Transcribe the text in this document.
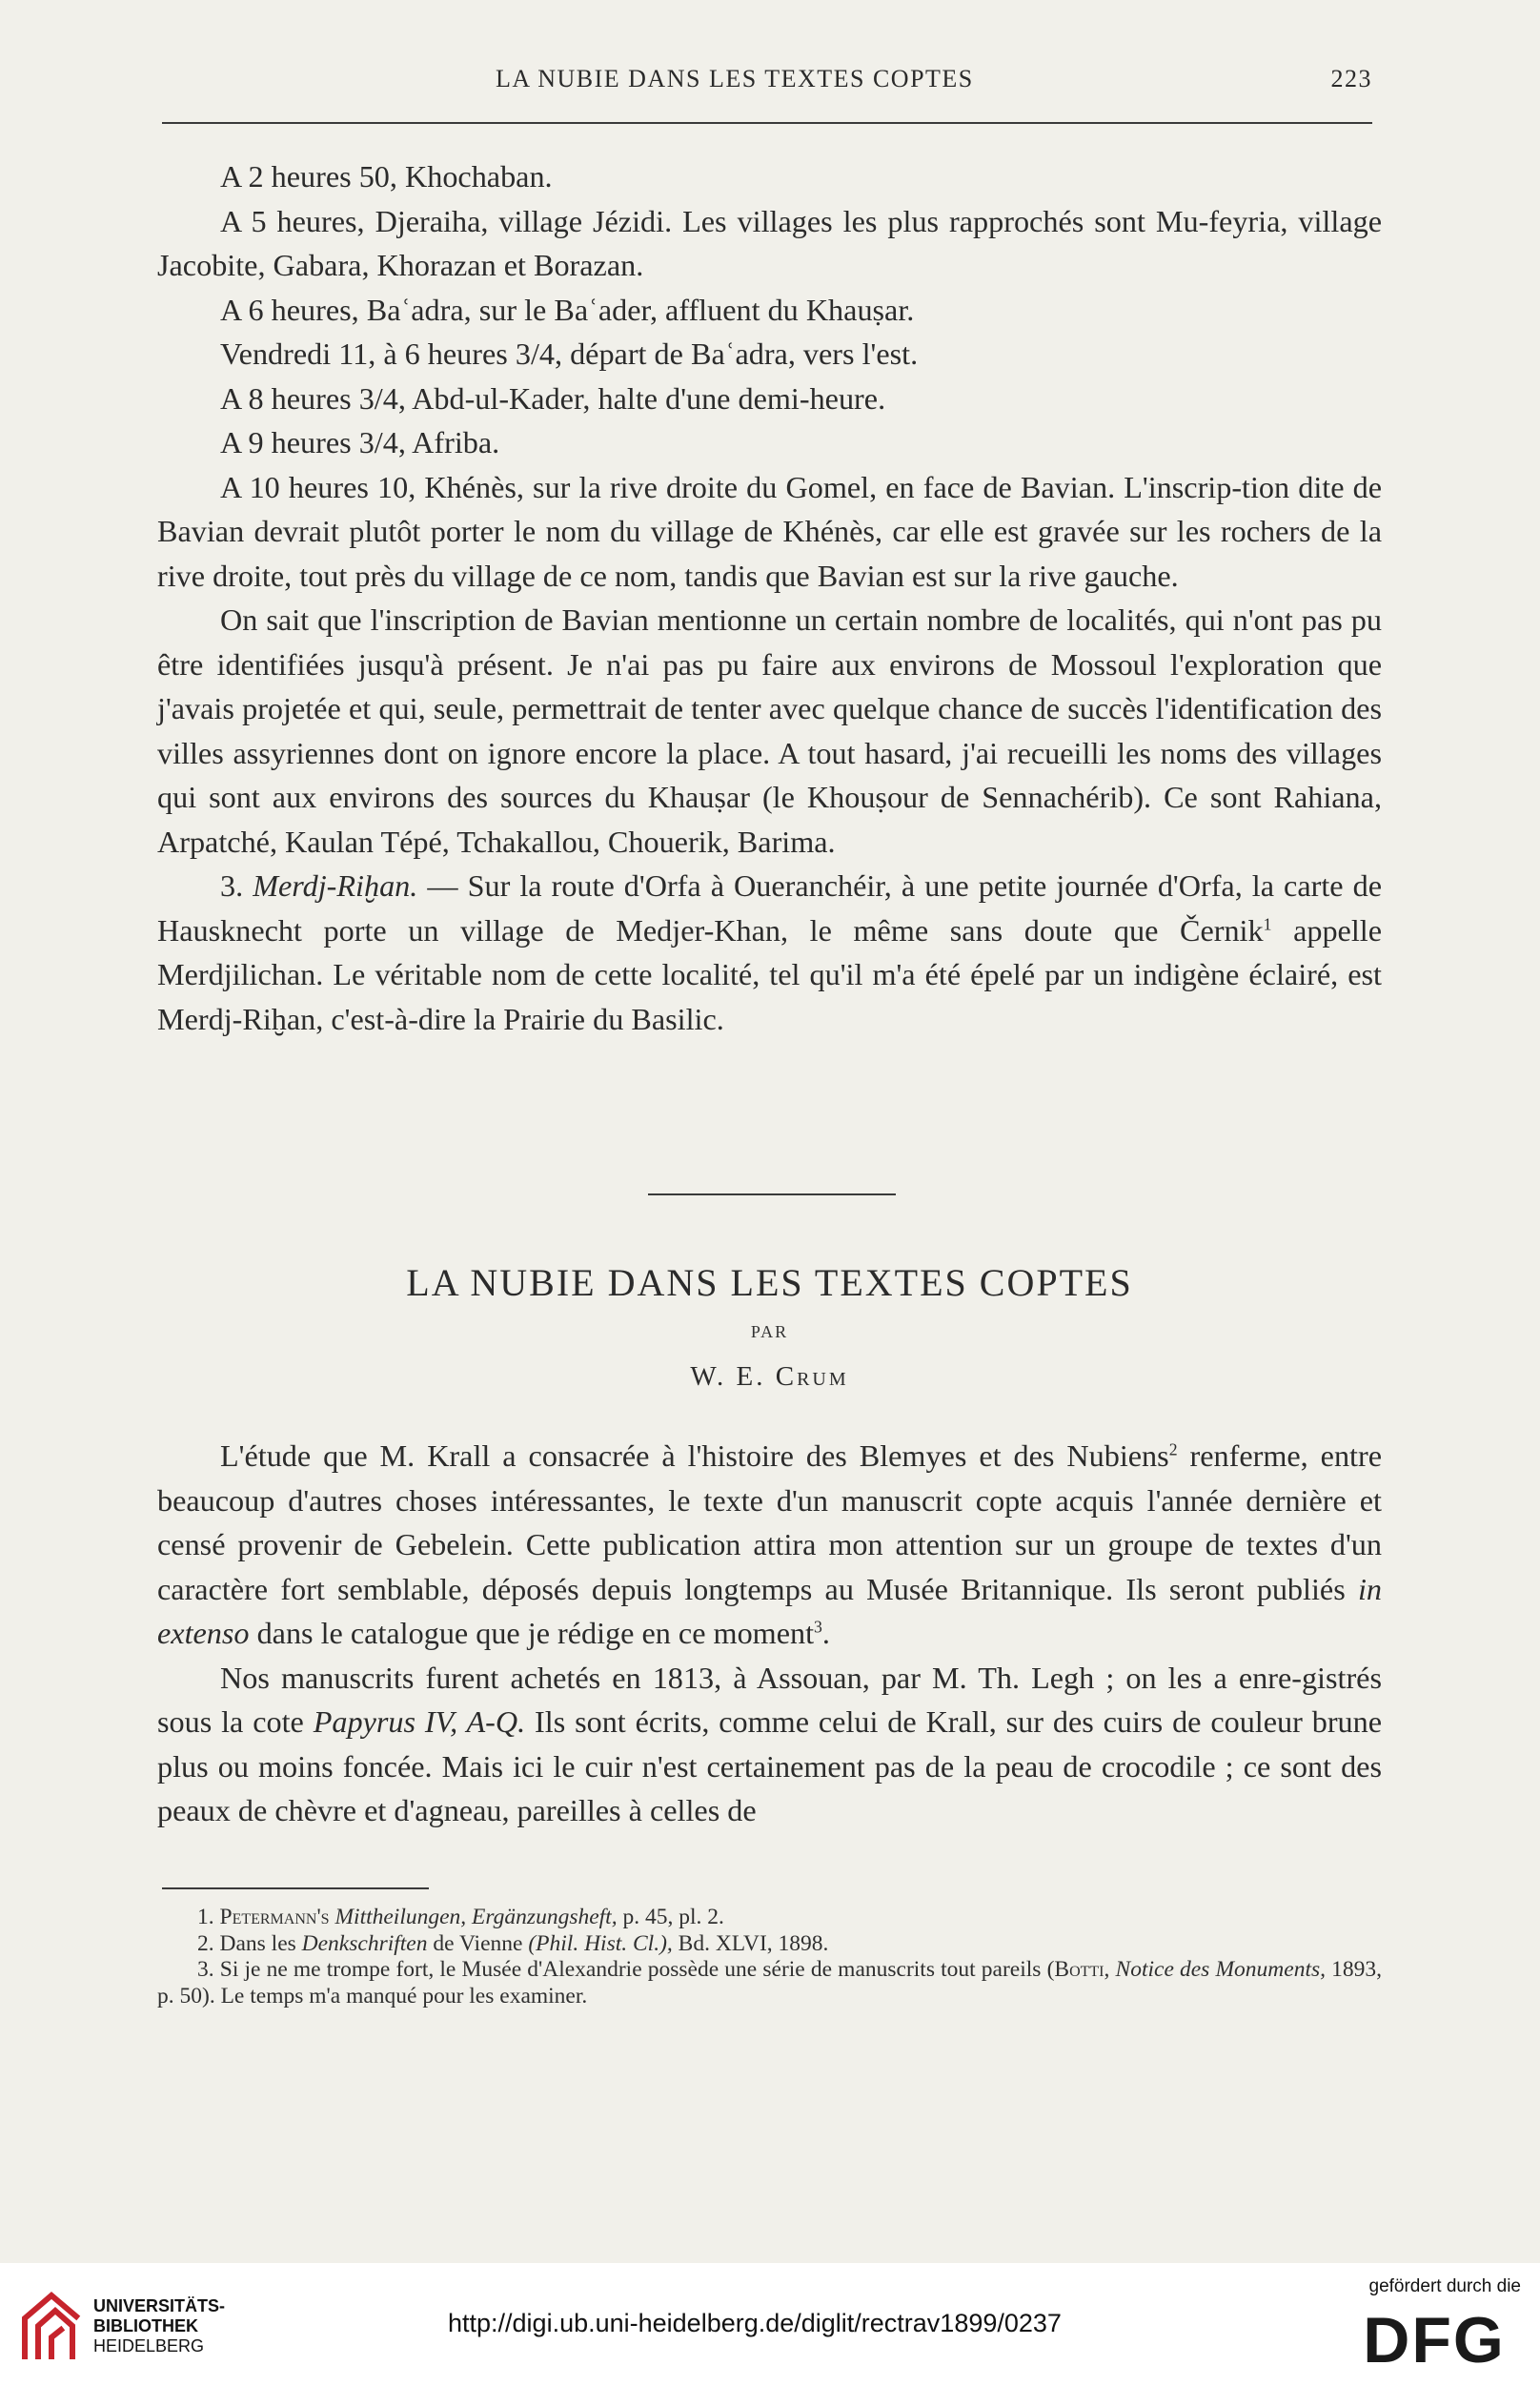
LA NUBIE DANS LES TEXTES COPTES	223

A 2 heures 50, Khochaban.

A 5 heures, Djeraiha, village Jézidi. Les villages les plus rapprochés sont Mu-feyria, village Jacobite, Gabara, Khorazan et Borazan.

A 6 heures, Baʿadra, sur le Baʿader, affluent du Khauṣar.

Vendredi 11, à 6 heures 3/4, départ de Baʿadra, vers l'est.

A 8 heures 3/4, Abd-ul-Kader, halte d'une demi-heure.

A 9 heures 3/4, Afriba.

A 10 heures 10, Khénès, sur la rive droite du Gomel, en face de Bavian. L'inscrip-tion dite de Bavian devrait plutôt porter le nom du village de Khénès, car elle est gravée sur les rochers de la rive droite, tout près du village de ce nom, tandis que Bavian est sur la rive gauche.

On sait que l'inscription de Bavian mentionne un certain nombre de localités, qui n'ont pas pu être identifiées jusqu'à présent. Je n'ai pas pu faire aux environs de Mossoul l'exploration que j'avais projetée et qui, seule, permettrait de tenter avec quelque chance de succès l'identification des villes assyriennes dont on ignore encore la place. A tout hasard, j'ai recueilli les noms des villages qui sont aux environs des sources du Khauṣar (le Khouṣour de Sennachérib). Ce sont Rahiana, Arpatché, Kaulan Tépé, Tchakallou, Chouerik, Barima.

3. Merdj-Riḫan. — Sur la route d'Orfa à Oueranchéir, à une petite journée d'Orfa, la carte de Hausknecht porte un village de Medjer-Khan, le même sans doute que Černik$^1$ appelle Merdjilichan. Le véritable nom de cette localité, tel qu'il m'a été épelé par un indigène éclairé, est Merdj-Riḫan, c'est-à-dire la Prairie du Basilic.

LA NUBIE DANS LES TEXTES COPTES
PAR
W. E. Crum

L'étude que M. Krall a consacrée à l'histoire des Blemyes et des Nubiens$^2$ renferme, entre beaucoup d'autres choses intéressantes, le texte d'un manuscrit copte acquis l'année dernière et censé provenir de Gebelein. Cette publication attira mon attention sur un groupe de textes d'un caractère fort semblable, déposés depuis longtemps au Musée Britannique. Ils seront publiés in extenso dans le catalogue que je rédige en ce moment$^3$.

Nos manuscrits furent achetés en 1813, à Assouan, par M. Th. Legh ; on les a enre-gistrés sous la cote Papyrus IV, A-Q. Ils sont écrits, comme celui de Krall, sur des cuirs de couleur brune plus ou moins foncée. Mais ici le cuir n'est certainement pas de la peau de crocodile ; ce sont des peaux de chèvre et d'agneau, pareilles à celles de

1. Petermann's Mittheilungen, Ergänzungsheft, p. 45, pl. 2.

2. Dans les Denkschriften de Vienne (Phil. Hist. Cl.), Bd. XLVI, 1898.

3. Si je ne me trompe fort, le Musée d'Alexandrie possède une série de manuscrits tout pareils (Botti, Notice des Monuments, 1893, p. 50). Le temps m'a manqué pour les examiner.

UNIVERSITÄTS-
BIBLIOTHEK
HEIDELBERG
http://digi.ub.uni-heidelberg.de/diglit/rectrav1899/0237
gefördert durch die
DFG
